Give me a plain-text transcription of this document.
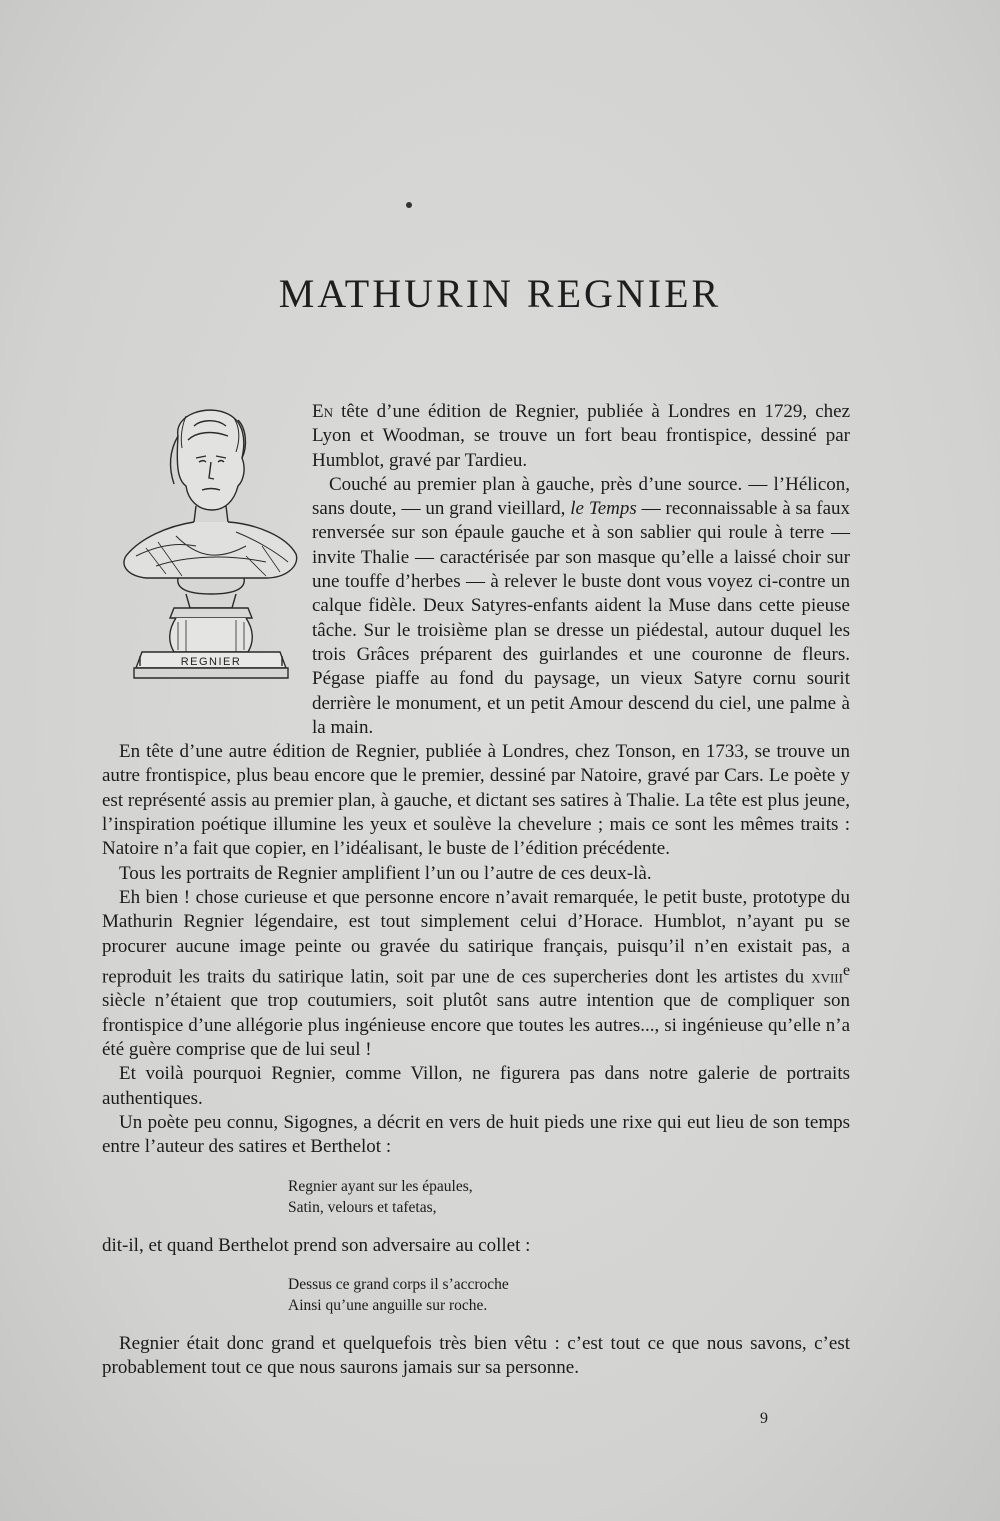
MATHURIN REGNIER
REGNIER

En tête d’une édition de Regnier, publiée à Londres en 1729, chez Lyon et Woodman, se trouve un fort beau frontispice, dessiné par Humblot, gravé par Tardieu.

Couché au premier plan à gauche, près d’une source. — l’Hélicon, sans doute, — un grand vieillard, le Temps — reconnaissable à sa faux renversée sur son épaule gauche et à son sablier qui roule à terre — invite Thalie — caractérisée par son masque qu’elle a laissé choir sur une touffe d’herbes — à relever le buste dont vous voyez ci-contre un calque fidèle. Deux Satyres-enfants aident la Muse dans cette pieuse tâche. Sur le troisième plan se dresse un piédestal, autour duquel les trois Grâces préparent des guirlandes et une couronne de fleurs. Pégase piaffe au fond du paysage, un vieux Satyre cornu sourit derrière le monument, et un petit Amour descend du ciel, une palme à la main.

En tête d’une autre édition de Regnier, publiée à Londres, chez Tonson, en 1733, se trouve un autre frontispice, plus beau encore que le premier, dessiné par Natoire, gravé par Cars. Le poète y est représenté assis au premier plan, à gauche, et dictant ses satires à Thalie. La tête est plus jeune, l’inspiration poétique illumine les yeux et soulève la chevelure ; mais ce sont les mêmes traits : Natoire n’a fait que copier, en l’idéalisant, le buste de l’édition précédente.

Tous les portraits de Regnier amplifient l’un ou l’autre de ces deux-là.

Eh bien ! chose curieuse et que personne encore n’avait remarquée, le petit buste, prototype du Mathurin Regnier légendaire, est tout simplement celui d’Horace. Humblot, n’ayant pu se procurer aucune image peinte ou gravée du satirique français, puisqu’il n’en existait pas, a reproduit les traits du satirique latin, soit par une de ces supercheries dont les artistes du xviii$^e$ siècle n’étaient que trop coutumiers, soit plutôt sans autre intention que de compliquer son frontispice d’une allégorie plus ingénieuse encore que toutes les autres..., si ingénieuse qu’elle n’a été guère comprise que de lui seul !

Et voilà pourquoi Regnier, comme Villon, ne figurera pas dans notre galerie de portraits authentiques.

Un poète peu connu, Sigognes, a décrit en vers de huit pieds une rixe qui eut lieu de son temps entre l’auteur des satires et Berthelot :

Regnier ayant sur les épaules,
Satin, velours et tafetas,

dit-il, et quand Berthelot prend son adversaire au collet :

Dessus ce grand corps il s’accroche
Ainsi qu’une anguille sur roche.

Regnier était donc grand et quelquefois très bien vêtu : c’est tout ce que nous savons, c’est probablement tout ce que nous saurons jamais sur sa personne.

9
